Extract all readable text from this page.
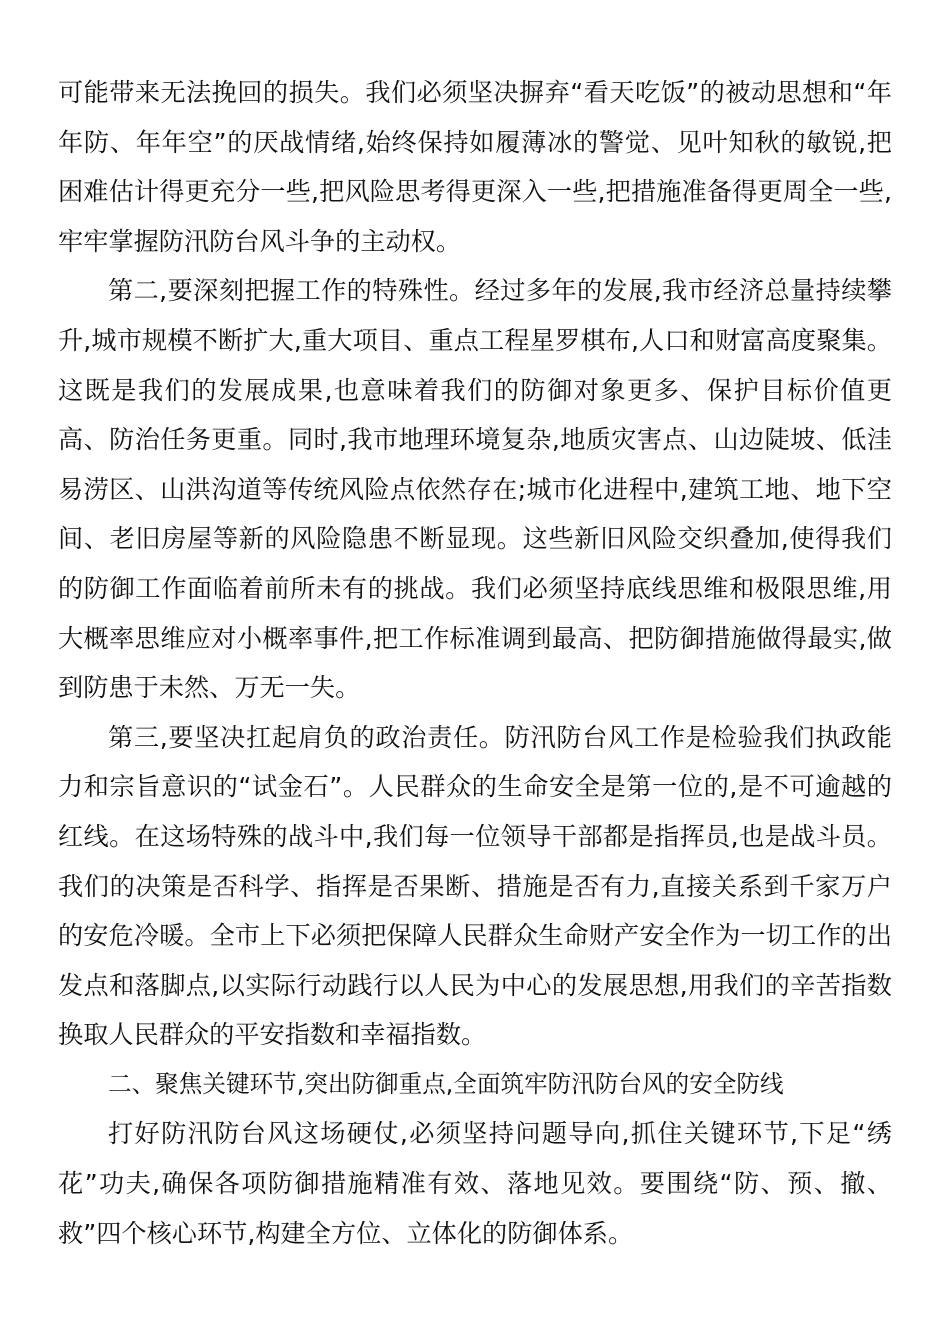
可能带来无法挽回的损失。我们必须坚决摒弃“看天吃饭”的被动思想和“年年防、年年空”的厌战情绪,始终保持如履薄冰的警觉、见叶知秋的敏锐,把困难估计得更充分一些,把风险思考得更深入一些,把措施准备得更周全一些,牢牢掌握防汛防台风斗争的主动权。

第二,要深刻把握工作的特殊性。经过多年的发展,我市经济总量持续攀升,城市规模不断扩大,重大项目、重点工程星罗棋布,人口和财富高度聚集。这既是我们的发展成果,也意味着我们的防御对象更多、保护目标价值更高、防治任务更重。同时,我市地理环境复杂,地质灾害点、山边陡坡、低洼易涝区、山洪沟道等传统风险点依然存在;城市化进程中,建筑工地、地下空间、老旧房屋等新的风险隐患不断显现。这些新旧风险交织叠加,使得我们的防御工作面临着前所未有的挑战。我们必须坚持底线思维和极限思维,用大概率思维应对小概率事件,把工作标准调到最高、把防御措施做得最实,做到防患于未然、万无一失。

第三,要坚决扛起肩负的政治责任。防汛防台风工作是检验我们执政能力和宗旨意识的“试金石”。人民群众的生命安全是第一位的,是不可逾越的红线。在这场特殊的战斗中,我们每一位领导干部都是指挥员,也是战斗员。我们的决策是否科学、指挥是否果断、措施是否有力,直接关系到千家万户的安危冷暖。全市上下必须把保障人民群众生命财产安全作为一切工作的出发点和落脚点,以实际行动践行以人民为中心的发展思想,用我们的辛苦指数换取人民群众的平安指数和幸福指数。

二、聚焦关键环节,突出防御重点,全面筑牢防汛防台风的安全防线

打好防汛防台风这场硬仗,必须坚持问题导向,抓住关键环节,下足“绣花”功夫,确保各项防御措施精准有效、落地见效。要围绕“防、预、撤、救”四个核心环节,构建全方位、立体化的防御体系。
